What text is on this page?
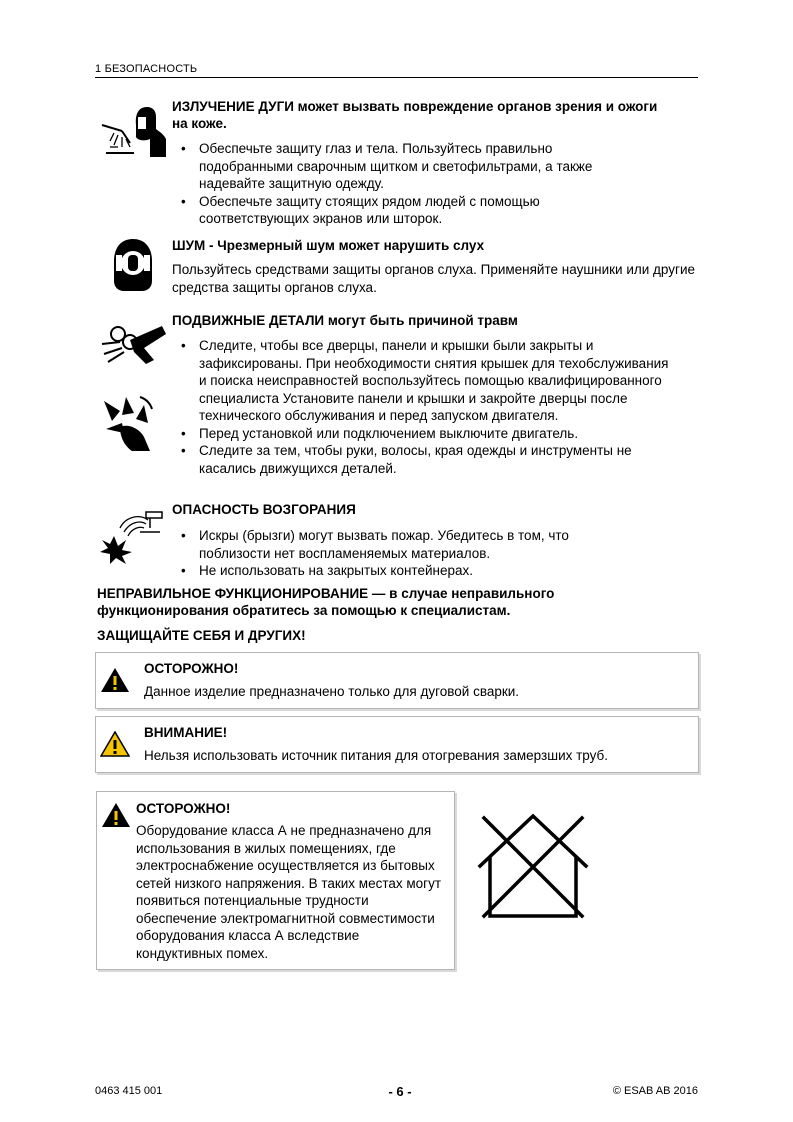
1 БЕЗОПАСНОСТЬ
ИЗЛУЧЕНИЕ ДУГИ может вызвать повреждение органов зрения и ожоги на коже.
• Обеспечьте защиту глаз и тела. Пользуйтесь правильно подобранными сварочным щитком и светофильтрами, а также надевайте защитную одежду.
• Обеспечьте защиту стоящих рядом людей с помощью соответствующих экранов или шторок.
ШУМ - Чрезмерный шум может нарушить слух
Пользуйтесь средствами защиты органов слуха. Применяйте наушники или другие средства защиты органов слуха.
ПОДВИЖНЫЕ ДЕТАЛИ могут быть причиной травм
• Следите, чтобы все дверцы, панели и крышки были закрыты и зафиксированы. При необходимости снятия крышек для техобслуживания и поиска неисправностей воспользуйтесь помощью квалифицированного специалиста Установите панели и крышки и закройте дверцы после технического обслуживания и перед запуском двигателя.
• Перед установкой или подключением выключите двигатель.
• Следите за тем, чтобы руки, волосы, края одежды и инструменты не касались движущихся деталей.
ОПАСНОСТЬ ВОЗГОРАНИЯ
• Искры (брызги) могут вызвать пожар. Убедитесь в том, что поблизости нет воспламеняемых материалов.
• Не использовать на закрытых контейнерах.
НЕПРАВИЛЬНОЕ ФУНКЦИОНИРОВАНИЕ — в случае неправильного функционирования обратитесь за помощью к специалистам.
ЗАЩИЩАЙТЕ СЕБЯ И ДРУГИХ!
ОСТОРОЖНО!
Данное изделие предназначено только для дуговой сварки.
ВНИМАНИЕ!
Нельзя использовать источник питания для отогревания замерзших труб.
ОСТОРОЖНО!
Оборудование класса А не предназначено для использования в жилых помещениях, где электроснабжение осуществляется из бытовых сетей низкого напряжения. В таких местах могут появиться потенциальные трудности обеспечение электромагнитной совместимости оборудования класса А вследствие кондуктивных помех.
0463 415 001	- 6 -	© ESAB AB 2016
